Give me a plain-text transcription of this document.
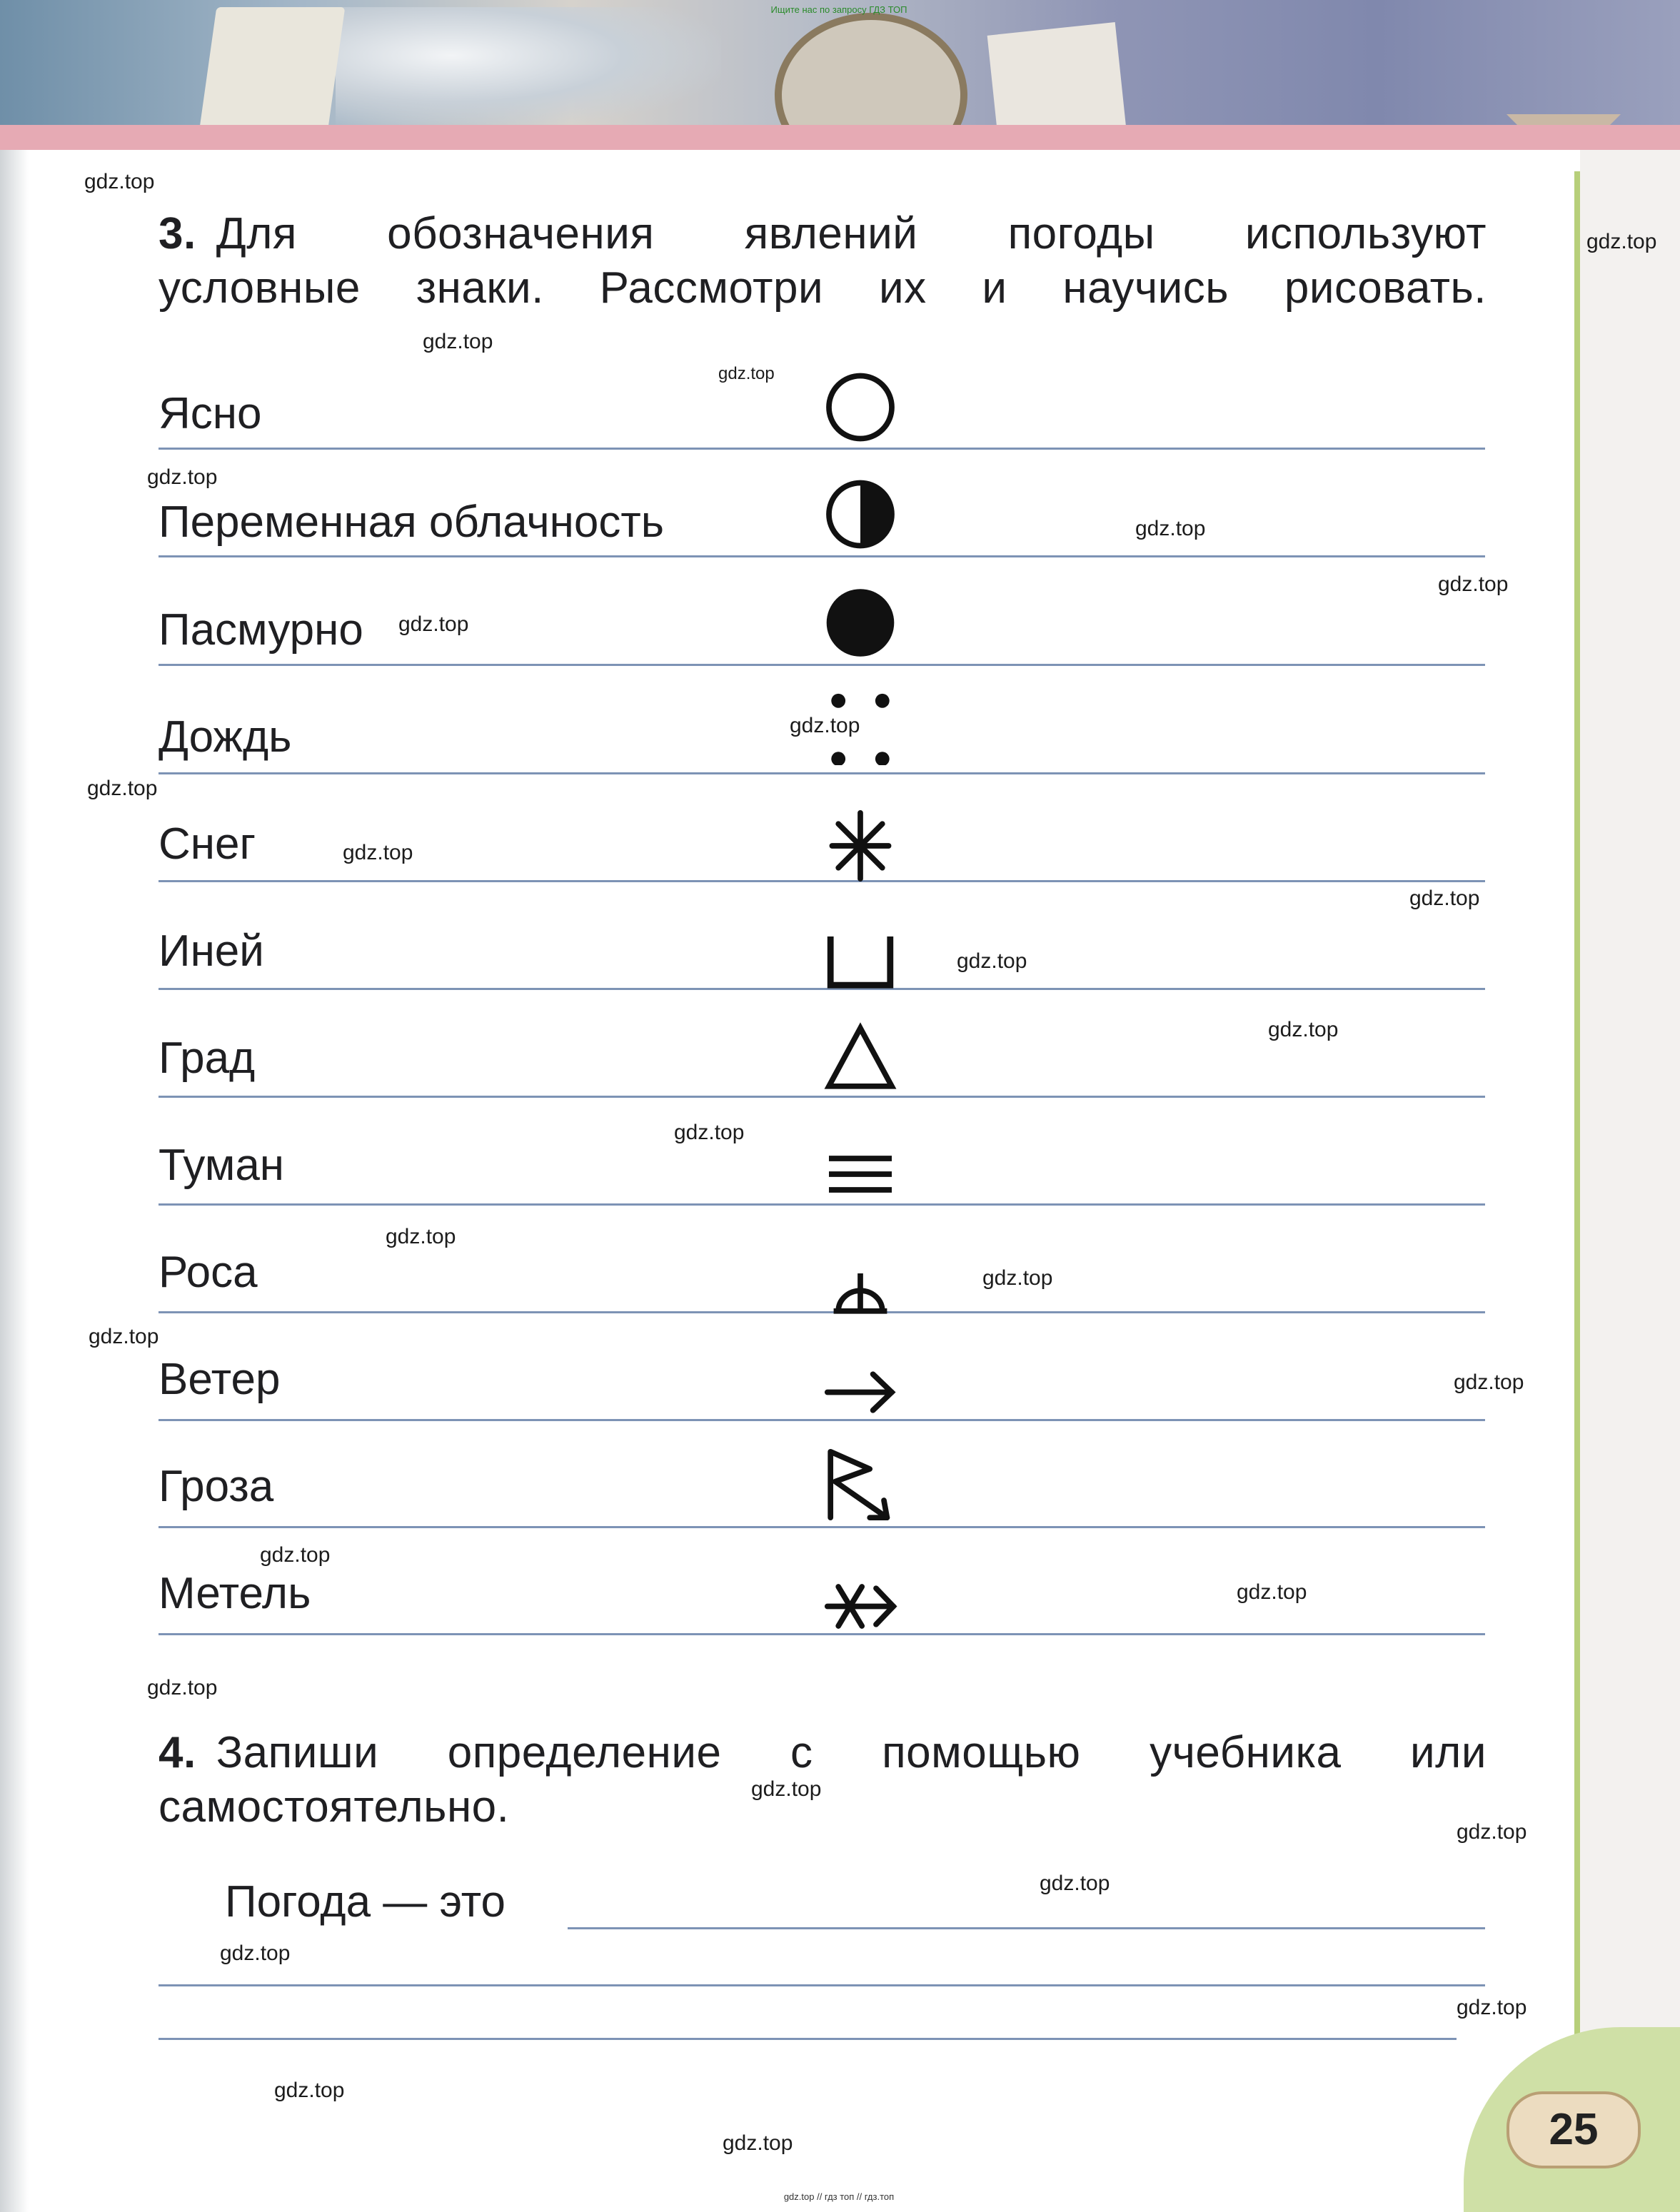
Ищите нас по запросу ГДЗ ТОП
25
3. Для обозначения явлений погоды используют
условные знаки. Рассмотри их и научись рисовать.
Ясно
Переменная облачность
Пасмурно
Дождь
Снег
Иней
Град
Туман
Роса
Ветер
Гроза
Метель
4. Запиши определение с помощью учебника или
самостоятельно.
Погода — это
gdz.top
gdz.top
gdz.top
gdz.top
gdz.top
gdz.top
gdz.top
gdz.top
gdz.top
gdz.top
gdz.top
gdz.top
gdz.top
gdz.top
gdz.top
gdz.top
gdz.top
gdz.top
gdz.top
gdz.top
gdz.top
gdz.top
gdz.top
gdz.top
gdz.top
gdz.top
gdz.top
gdz.top
gdz.top
gdz.top // гдз топ // гдз.топ
